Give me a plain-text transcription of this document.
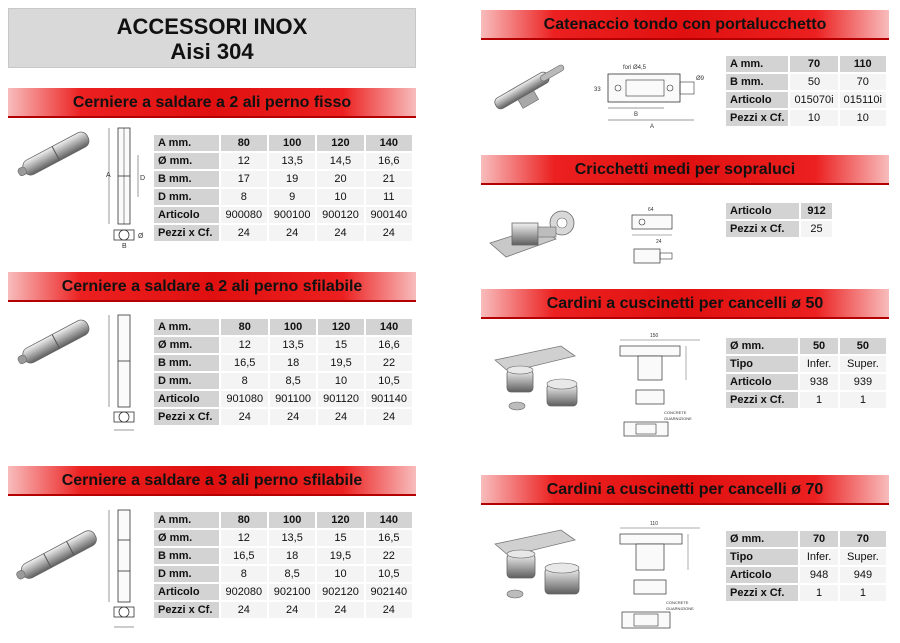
ACCESSORI INOX
Aisi 304
Cerniere a saldare a 2 ali perno fisso
A	D
Ø
B
A mm.	80	100	120	140
Ø mm.	12	13,5	14,5	16,6
B mm.	17	19	20	21
D mm.	8	9	10	11
Articolo	900080	900100	900120	900140
Pezzi x Cf.	24	24	24	24
Cerniere a saldare a 2 ali perno sfilabile
A mm.	80	100	120	140
Ø mm.	12	13,5	15	16,6
B mm.	16,5	18	19,5	22
D mm.	8	8,5	10	10,5
Articolo	901080	901100	901120	901140
Pezzi x Cf.	24	24	24	24
Cerniere a saldare a 3 ali perno sfilabile
A mm.	80	100	120	140
Ø mm.	12	13,5	15	16,5
B mm.	16,5	18	19,5	22
D mm.	8	8,5	10	10,5
Articolo	902080	902100	902120	902140
Pezzi x Cf.	24	24	24	24
Catenaccio tondo con portalucchetto
fori Ø4,5
Ø9
33
B
A
A mm.	70	110
B mm.	50	70
Articolo	015070i	015110i
Pezzi x Cf.	10	10
Cricchetti medi per sopraluci
64
24
Articolo	912
Pezzi x Cf.	25
Cardini a cuscinetti per cancelli ø 50
150
CONCRETE
GUARNIZIONE
Ø mm.	50	50
Tipo	Infer.	Super.
Articolo	938	939
Pezzi x Cf.	1	1
Cardini a cuscinetti per cancelli ø 70
110
CONCRETE
GUARNIZIONE
Ø mm.	70	70
Tipo	Infer.	Super.
Articolo	948	949
Pezzi x Cf.	1	1
